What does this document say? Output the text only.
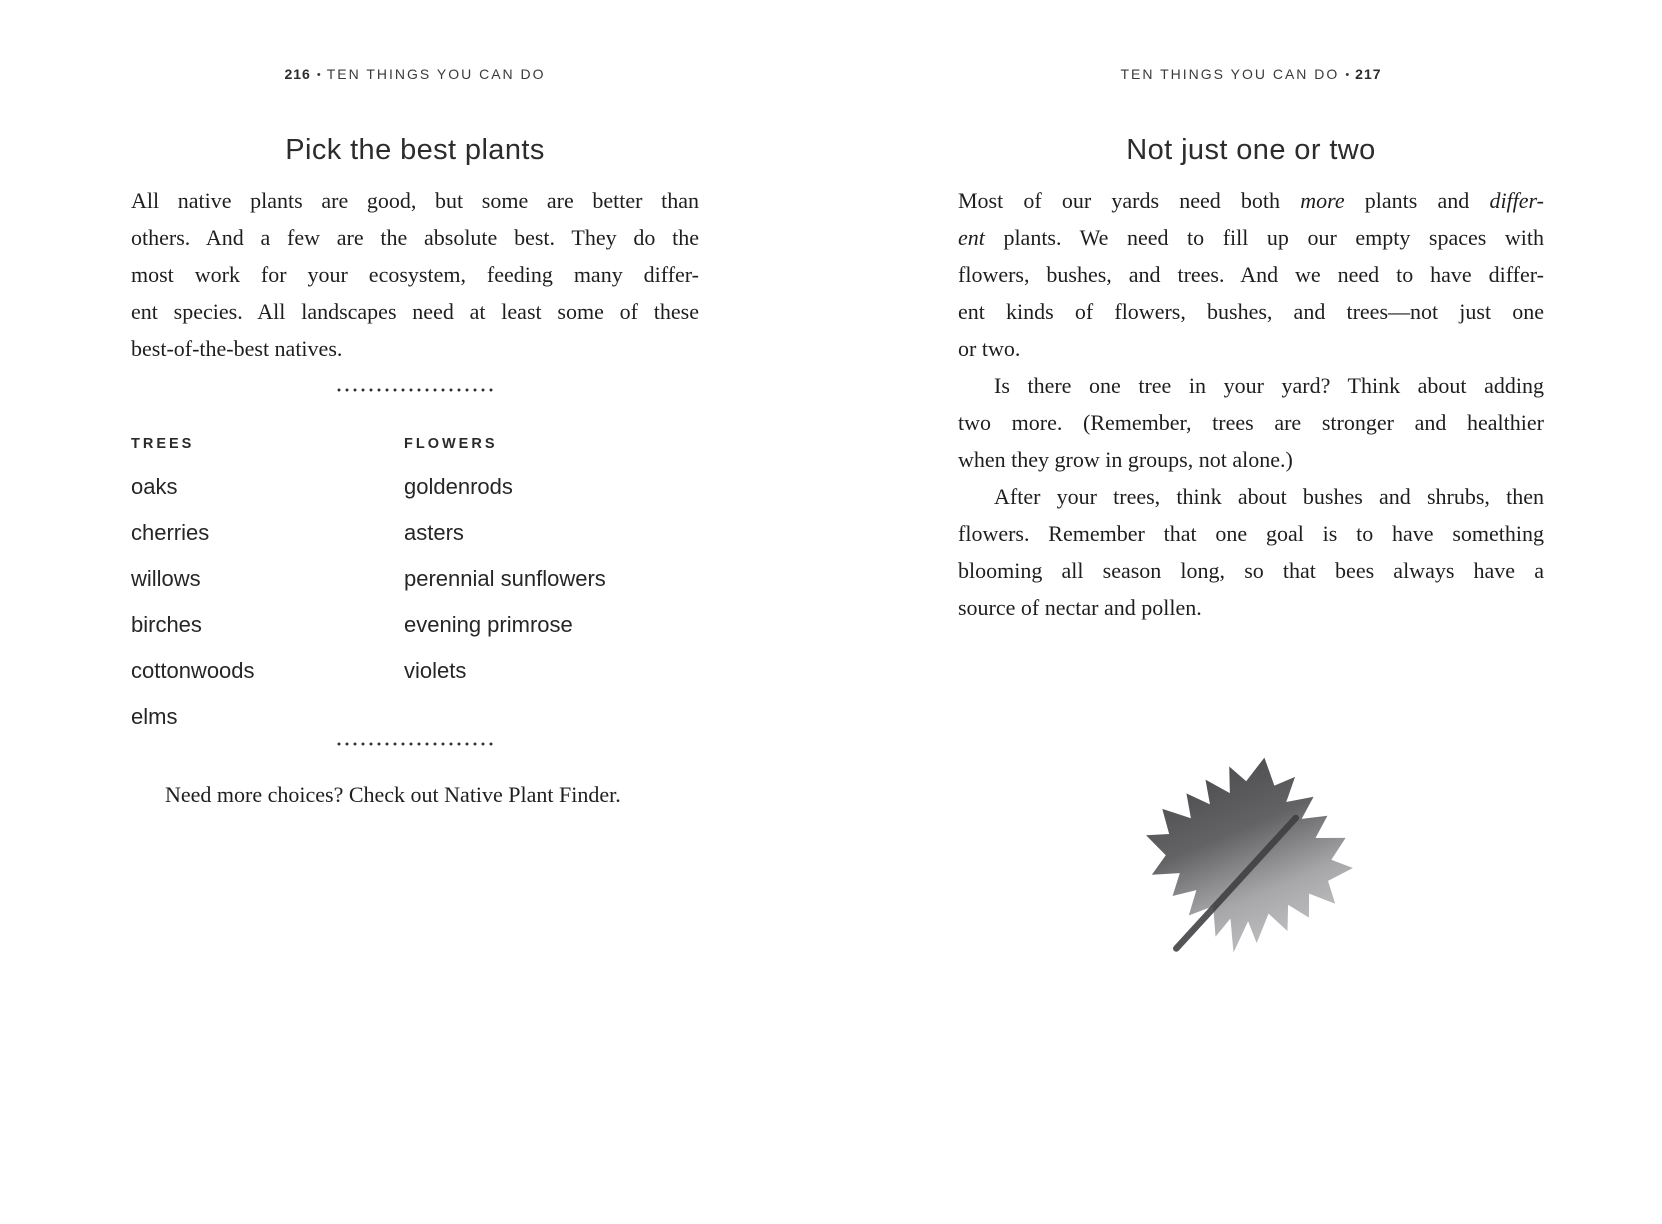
216 • TEN THINGS YOU CAN DO
Pick the best plants
All native plants are good, but some are better than
others. And a few are the absolute best. They do the
most work for your ecosystem, feeding many differ-
ent species. All landscapes need at least some of these
best-of-the-best natives.
TREES	FLOWERS
oaks
cherries
willows
birches
cottonwoods
elms
goldenrods
asters
perennial sunflowers
evening primrose
violets
Need more choices? Check out Native Plant Finder.
TEN THINGS YOU CAN DO • 217
Not just one or two
Most of our yards need both more plants and differ-
ent plants. We need to fill up our empty spaces with
flowers, bushes, and trees. And we need to have differ-
ent kinds of flowers, bushes, and trees—not just one
or two.
Is there one tree in your yard? Think about adding
two more. (Remember, trees are stronger and healthier
when they grow in groups, not alone.)
After your trees, think about bushes and shrubs, then
flowers. Remember that one goal is to have something
blooming all season long, so that bees always have a
source of nectar and pollen.
